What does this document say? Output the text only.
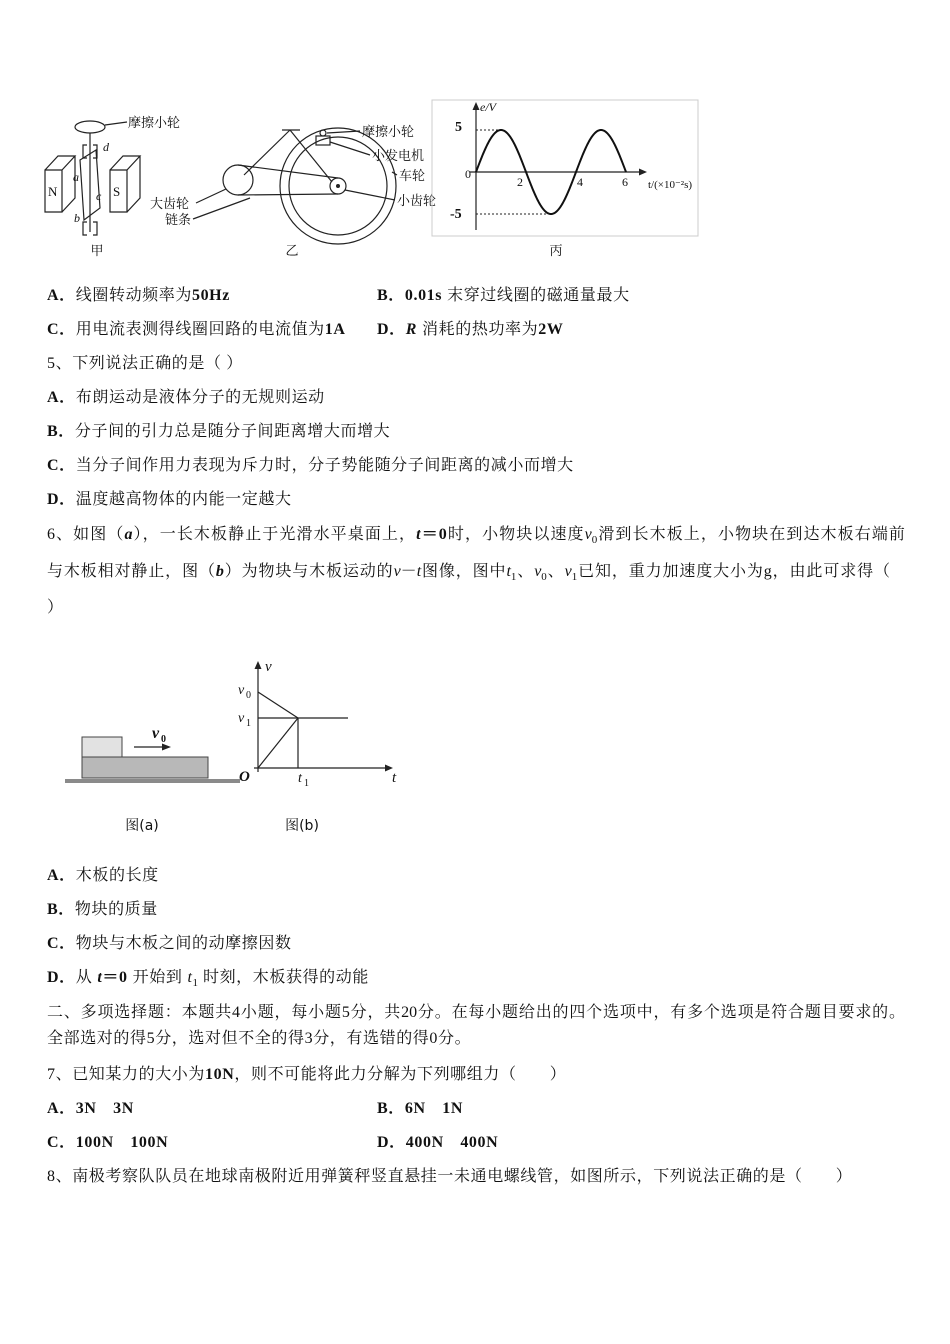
摩擦小轮
N
a
b
c
d
S
甲
摩擦小轮
小发电机
车轮
小齿轮
大齿轮
链条
乙
e/V
5
0
-5
2	4	6 t/(×10⁻²s)
丙
A．线圈转动频率为50Hz	B．0.01s 末穿过线圈的磁通量最大
C．用电流表测得线圈回路的电流值为1A D．R 消耗的热功率为2W
5、下列说法正确的是（ ）
A．布朗运动是液体分子的无规则运动
B．分子间的引力总是随分子间距离增大而增大
C．当分子间作用力表现为斥力时，分子势能随分子间距离的减小而增大
D．温度越高物体的内能一定越大
6、如图（a），一长木板静止于光滑水平桌面上，t＝0时，小物块以速度$v_0$滑到长木板上，小物块在到达木板右端前
与木板相对静止，图（b）为物块与木板运动的v－t图像，图中$t_1$、$v_0$、$v_1$已知，重力加速度大小为g，由此可求得（
）
v 0
图(a)
v
t
O
v 0
v 1
t 1
图(b)
A．木板的长度
B．物块的质量
C．物块与木板之间的动摩擦因数
D．从 t＝0 开始到 $t_1$ 时刻，木板获得的动能
二、多项选择题：本题共4小题，每小题5分，共20分。在每小题给出的四个选项中，有多个选项是符合题目要求的。
全部选对的得5分，选对但不全的得3分，有选错的得0分。
7、已知某力的大小为10N，则不可能将此力分解为下列哪组力（　　）
A．3N　3N	B．6N　1N
C．100N　100N	D．400N　400N
8、南极考察队队员在地球南极附近用弹簧秤竖直悬挂一未通电螺线管，如图所示，下列说法正确的是（　　）
